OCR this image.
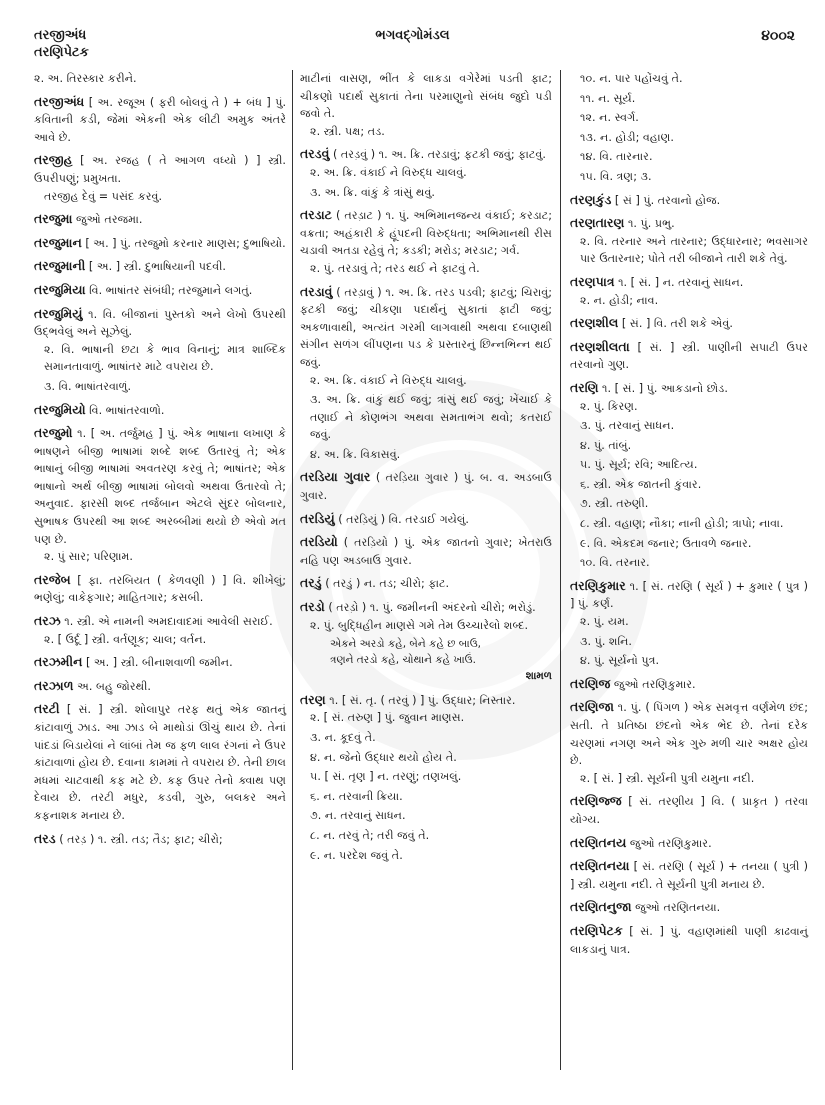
તરજીઅંધ
તરણિપેટક
ભગવદ્ગોમંડલ	૪૦૦૨
૨. અ. તિરસ્કાર કરીને.
તરજીઅંધ [ અ. રજૂઅ ( ફરી બોલવું તે ) + બંધ ] પું. કવિતાની કડી, જેમાં એકની એક લીટી અમુક અંતરે આવે છે.
તરજીહ [ અ. રજહ ( તે આગળ વધ્યો ) ] સ્ત્રી. ઉપરીપણું; પ્રમુખતા.
તરજીહ દેવું = પસંદ કરવું.
તરજુમા જુઓ તરજમા.
તરજુમાન [ અ. ] પું. તરજુમો કરનાર માણસ; દુભાષિયો.
તરજુમાની [ અ. ] સ્ત્રી. દુભાષિયાની પદવી.
તરજુમિયા વિ. ભાષાંતર સંબંધી; તરજુમાને લગતું.
તરજુમિયું ૧. વિ. બીજાનાં પુસ્તકો અને લેખો ઉપરથી ઉદ્ભવેલું અને સૂઝેલું.
૨. વિ. ભાષાની છટા કે ભાવ વિનાનું; માત્ર શાબ્દિક સમાનતાવાળું. ભાષાંતર માટે વપરાય છે.
૩. વિ. ભાષાંતરવાળું.
તરજુમિયો વિ. ભાષાંતરવાળો.
તરજુમો ૧. [ અ. તર્જુમહ ] પું. એક ભાષાના લખાણ કે ભાષણને બીજી ભાષામાં શબ્દે શબ્દ ઉતારવું તે; એક ભાષાનું બીજી ભાષામાં અવતરણ કરવું તે; ભાષાંતર; એક ભાષાનો અર્થ બીજી ભાષામાં બોલવો અથવા ઉતારવો તે; અનુવાદ. ફારસી શબ્દ તર્જબાન એટલે સુંદર બોલનાર, સુભાષક ઉપરથી આ શબ્દ અરબ્બીમાં થયો છે એવો મત પણ છે.
૨. પું સાર; પરિણામ.
તરજેબ [ ફા. તરબિયત ( કેળવણી ) ] વિ. શીખેલું; ભણેલું; વાકેફગાર; માહિતગાર; કસબી.
તરઝ ૧. સ્ત્રી. એ નામની અમદાવાદમાં આવેલી સરાઈ.
૨. [ ઉર્દૂ ] સ્ત્રી. વર્તણૂક; ચાલ; વર્તન.
તરઝમીન [ અ. ] સ્ત્રી. બીનાશવાળી જમીન.
તરઝાળ અ. બહુ જોરથી.
તરટી [ સં. ] સ્ત્રી. શોલાપુર તરફ થતું એક જાતનું કાંટાવાળું ઝાડ. આ ઝાડ બે માથોડાં ઊંચું થાય છે. તેનાં પાંદડાં બિડાયેલાં ને લાંબાં તેમ જ ફળ લાલ રંગનાં ને ઉપર કાંટાવાળાં હોય છે. દવાના કામમાં તે વપરાય છે. તેની છાલ મધમાં ચાટવાથી કફ મટે છે. કફ ઉપર તેનો ક્વાથ પણ દેવાય છે. તરટી મધુર, કડવી, ગુરુ, બલકર અને કફનાશક મનાય છે.
તરડ ( તરડ઼ ) ૧. સ્ત્રી. તડ; તૈડ; ફાટ; ચીરો;
માટીનાં વાસણ, ભીંત કે લાકડા વગેરેમાં પડતી ફાટ; ચીકણો પદાર્થ સુકાતાં તેના પરમાણુનો સંબંધ જુદો પડી જવો તે.
૨. સ્ત્રી. પક્ષ; તડ.
તરડવું ( તરડ઼વું ) ૧. અ. ક્રિ. તરડાવું; ફટકી જવું; ફાટવું.
૨. અ. ક્રિ. વંકાઈ ને વિરુદ્ધ ચાલવું.
૩. અ. ક્રિ. વાંકું કે ત્રાંસું થવું.
તરડાટ ( તરડ઼ાટ ) ૧. પું. અભિમાનજન્ય વંકાઈ; કરડાટ; વક્રતા; અહંકારી કે હૂંપદની વિરુદ્ધતા; અભિમાનથી રીસ ચડાવી અતડા રહેવું તે; કડકી; મરોડ; મરડાટ; ગર્વ.
૨. પું. તરડાવું તે; તરડ થઈ ને ફાટવું તે.
તરડાવું ( તરડ઼ાવું ) ૧. અ. ક્રિ. તરડ પડવી; ફાટવું; ચિરાવું; ફટકી જવું; ચીકણા પદાર્થનું સુકાતાં ફાટી જવું; અકળાવાથી, અત્યંત ગરમી લાગવાથી અથવા દબાણથી સંગીન સળંગ લીંપણના પડ કે પ્રસ્તારનું છિન્નભિન્ન થઈ જવું.
૨. અ. ક્રિ. વંકાઈ ને વિરુદ્ધ ચાલવું.
૩. અ. ક્રિ. વાંકું થઈ જવું; ત્રાંસું થઈ જવું; ખેંચાઈ કે તણાઈ ને કોણભંગ અથવા સમતાભંગ થવો; કતરાઈ જવું.
૪. અ. ક્રિ. વિકાસવું.
તરડિયા ગુવાર ( તરડ઼િયા ગુવાર ) પું. બ. વ. અડબાઉ ગુવાર.
તરડિયું ( તરડ઼િયું ) વિ. તરડાઈ ગયેલું.
તરડિયો ( તરડ઼િયો ) પું. એક જાતનો ગુવાર; ખેતરાઉ નહિ પણ અડબાઉ ગુવાર.
તરડું ( તરડ઼ું ) ન. તડ; ચીરો; ફાટ.
તરડો ( તરડ઼ો ) ૧. પું. જમીનની અંદરનો ચીરો; ભરોડું.
૨. પું. બુદ્ધિહીન માણસે ગમે તેમ ઉચ્ચારેલો શબ્દ.
એકને અરડો કહે, બેને કહે છ બાઉ,
ત્રણને તરડો કહે, ચોથાને કહે ખાઉં.
શામળ
તરણ ૧. [ સં. તૃ. ( તરવું ) ] પું. ઉદ્ધાર; નિસ્તાર.
૨. [ સં. તરુણ ] પું. જુવાન માણસ.
૩. ન. કૂદવું તે.
૪. ન. જેનો ઉદ્ધાર થયો હોય તે.
૫. [ સં. તૃણ ] ન. તરણું; તણખલું.
૬. ન. તરવાની ક્રિયા.
૭. ન. તરવાનું સાધન.
૮. ન. તરવું તે; તરી જવું તે.
૯. ન. પરદેશ જવું તે.
૧૦. ન. પાર પહોંચવું તે.
૧૧. ન. સૂર્ય.
૧૨. ન. સ્વર્ગ.
૧૩. ન. હોડી; વહાણ.
૧૪. વિ. તારનાર.
૧૫. વિ. ત્રણ; ૩.
તરણકુંડ [ સં ] પું. તરવાનો હોજ.
તરણતારણ ૧. પું. પ્રભુ.
૨. વિ. તરનાર અને તારનાર; ઉદ્ધારનાર; ભવસાગર પાર ઉતારનાર; પોતે તરી બીજાને તારી શકે તેવું.
તરણપાત્ર ૧. [ સં. ] ન. તરવાનું સાધન.
૨. ન. હોડી; નાવ.
તરણશીલ [ સં. ] વિ. તરી શકે એવું.
તરણશીલતા [ સં. ] સ્ત્રી. પાણીની સપાટી ઉપર તરવાનો ગુણ.
તરણિ ૧. [ સં. ] પું. આકડાનો છોડ.
૨. પું. કિરણ.
૩. પું. તરવાનું સાધન.
૪. પું. તાંબું.
૫. પું. સૂર્ય; રવિ; આદિત્ય.
૬. સ્ત્રી. એક જાતની કુંવાર.
૭. સ્ત્રી. તરુણી.
૮. સ્ત્રી. વહાણ; નૌકા; નાની હોડી; ત્રાપો; નાવા.
૯. વિ. એકદમ જનાર; ઉતાવળે જનાર.
૧૦. વિ. તરનાર.
તરણિકુમાર ૧. [ સં. તરણિ ( સૂર્ય ) + કુમાર ( પુત્ર ) ] પું. કર્ણ.
૨. પું. યમ.
૩. પું. શનિ.
૪. પું. સૂર્યનો પુત્ર.
તરણિજ જુઓ તરણિકુમાર.
તરણિજા ૧. પું. ( પિંગળ ) એક સમવૃત્ત વર્ણમેળ છંદ; સતી. તે પ્રતિષ્ઠા છંદનો એક ભેદ છે. તેનાં દરેક ચરણમાં નગણ અને એક ગુરુ મળી ચાર અક્ષર હોય છે.
૨. [ સં. ] સ્ત્રી. સૂર્યની પુત્રી યમુના નદી.
તરણિજ્જ [ સં. તરણીય ] વિ. ( પ્રાકૃત ) તરવા યોગ્ય.
તરણિતનય જુઓ તરણિકુમાર.
તરણિતનયા [ સં. તરણિ ( સૂર્ય ) + તનયા ( પુત્રી ) ] સ્ત્રી. યમુના નદી. તે સૂર્યની પુત્રી મનાય છે.
તરણિતનુજા જુઓ તરણિતનયા.
તરણિપેટક [ સં. ] પું. વહાણમાંથી પાણી કાઢવાનું લાકડાનું પાત્ર.
